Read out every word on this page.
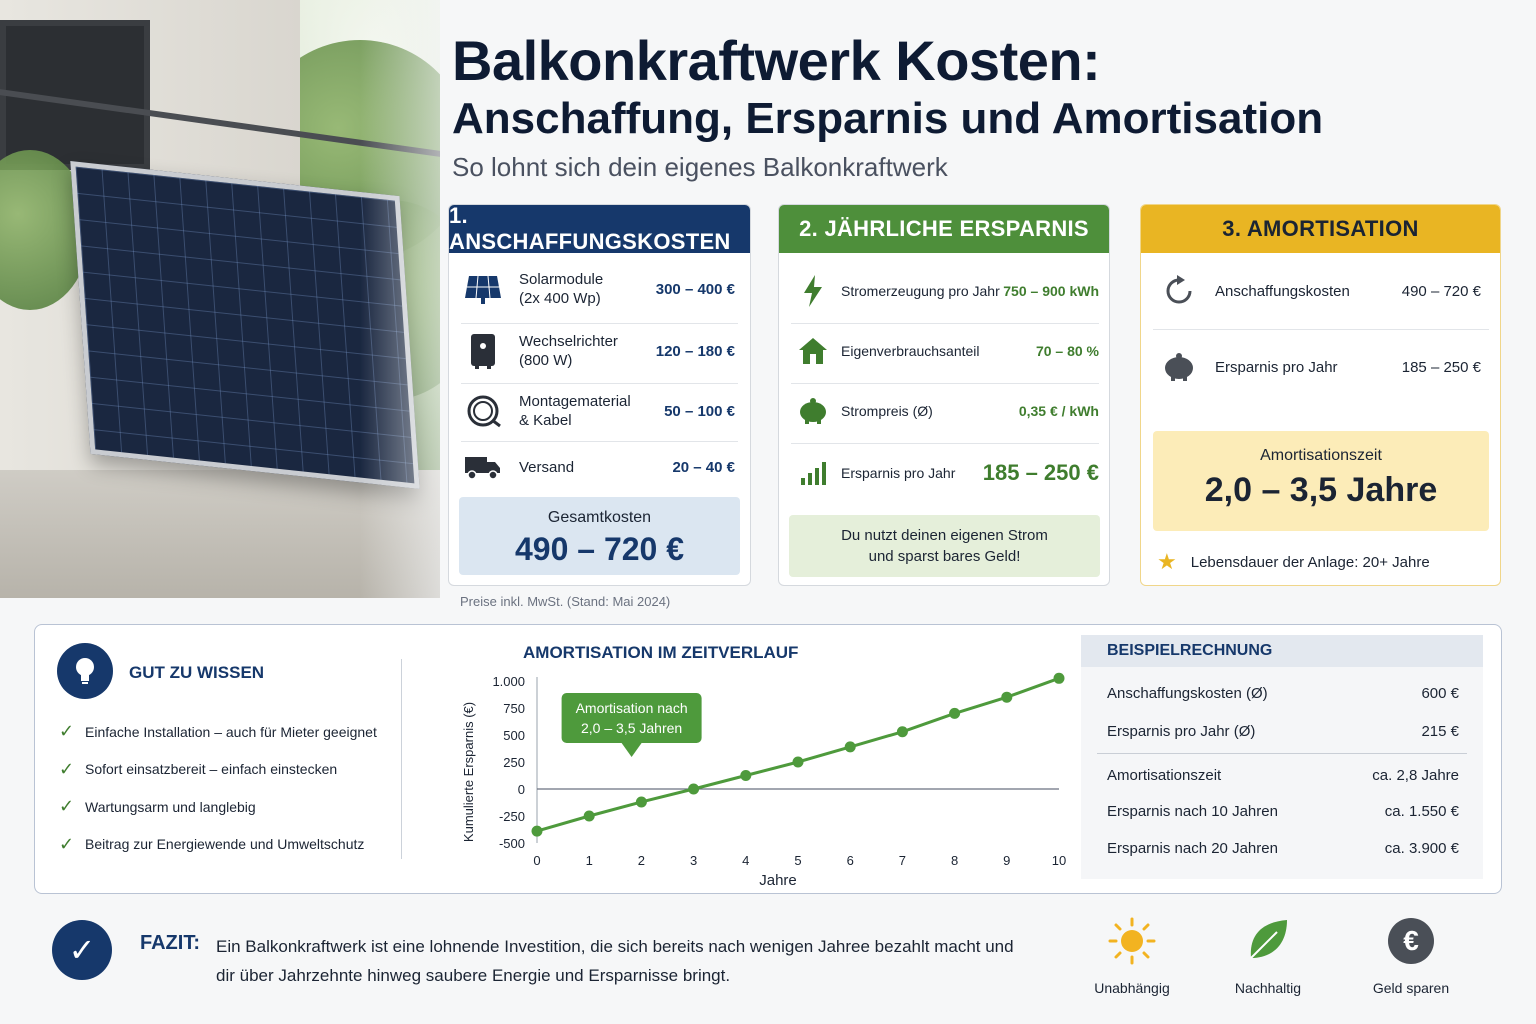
Balkonkraftwerk Kosten:
Anschaffung, Ersparnis und Amortisation
So lohnt sich dein eigenes Balkonkraftwerk
1. ANSCHAFFUNGSKOSTEN
Solarmodule
(2x 400 Wp)
300 – 400 €
Wechselrichter
(800 W)
120 – 180 €
Montagematerial
& Kabel
50 – 100 €
Versand	20 – 40 €
Gesamtkosten
490 – 720 €
2. JÄHRLICHE ERSPARNIS
Stromerzeugung pro Jahr 750 – 900 kWh
Eigenverbrauchsanteil	70 – 80 %
Strompreis (Ø)	0,35 € / kWh
Ersparnis pro Jahr 185 – 250 €
Du nutzt deinen eigenen Strom
und sparst bares Geld!
3. AMORTISATION
Anschaffungskosten	490 – 720 €
Ersparnis pro Jahr	185 – 250 €
Amortisationszeit
2,0 – 3,5 Jahre
★ Lebensdauer der Anlage: 20+ Jahre
Preise inkl. MwSt. (Stand: Mai 2024)
GUT ZU WISSEN
✓ Einfache Installation – auch für Mieter geeignet
✓ Sofort einsatzbereit – einfach einstecken
✓ Wartungsarm und langlebig
✓ Beitrag zur Energiewende und Umweltschutz
AMORTISATION IM ZEITVERLAUF
-500
-250
0
250
500
750
1.000
0	1	2	3	4	5	6	7	8	9	10
Jahre
Kumulierte Ersparnis (€)	Amortisation nach
2,0 – 3,5 Jahren
BEISPIELRECHNUNG
Anschaffungskosten (Ø)	600 €
Ersparnis pro Jahr (Ø)	215 €
Amortisationszeit	ca. 2,8 Jahre
Ersparnis nach 10 Jahren	ca. 1.550 €
Ersparnis nach 20 Jahren	ca. 3.900 €
✓	FAZIT: Ein Balkonkraftwerk ist eine lohnende Investition, die sich bereits nach wenigen Jahree bezahlt macht und dir über Jahrzehnte hinweg saubere Energie und Ersparnisse bringt.
Unabhängig	Nachhaltig
€
Geld sparen
